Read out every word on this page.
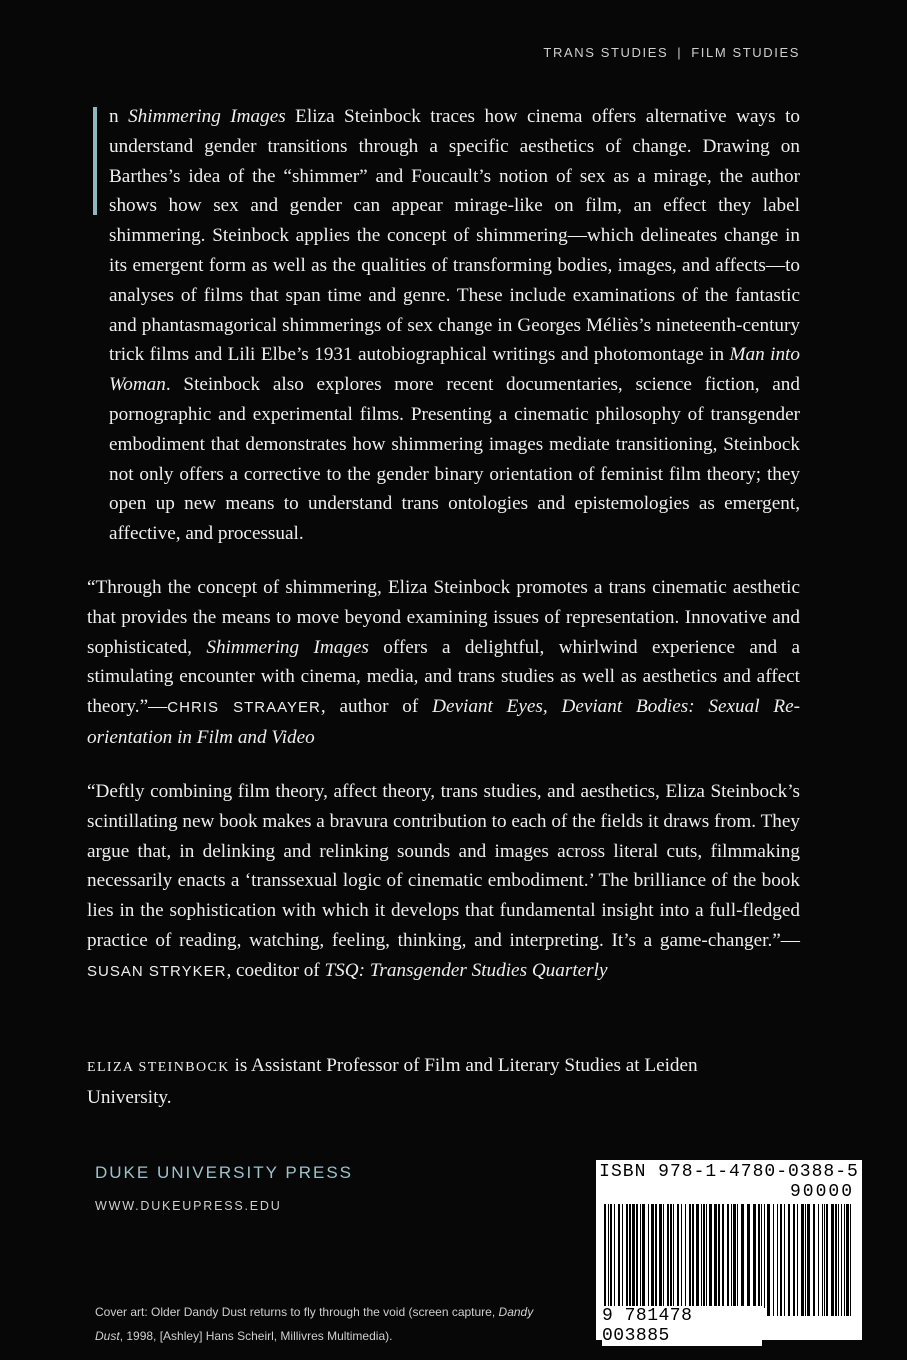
TRANS STUDIES | FILM STUDIES
n Shimmering Images Eliza Steinbock traces how cinema offers alternative ways to understand gender transitions through a specific aesthetics of change. Drawing on Barthes’s idea of the “shimmer” and Foucault’s notion of sex as a mirage, the author shows how sex and gender can appear mirage-like on film, an effect they label shimmering. Steinbock applies the concept of shimmering—which delineates change in its emergent form as well as the qualities of transforming bodies, images, and affects—to analyses of films that span time and genre. These include examinations of the fantastic and phantasmagorical shimmerings of sex change in Georges Méliès’s nineteenth-century trick films and Lili Elbe’s 1931 autobiographical writings and photomontage in Man into Woman. Steinbock also explores more recent documentaries, science fiction, and pornographic and experimental films. Presenting a cinematic philosophy of transgender embodiment that demonstrates how shimmering images mediate transitioning, Steinbock not only offers a corrective to the gender binary orientation of feminist film theory; they open up new means to understand trans ontologies and epistemologies as emergent, affective, and processual.
“Through the concept of shimmering, Eliza Steinbock promotes a trans cinematic aesthetic that provides the means to move beyond examining issues of representation. Innovative and sophisticated, Shimmering Images offers a delightful, whirlwind experience and a stimulating encounter with cinema, media, and trans studies as well as aesthetics and affect theory.”—CHRIS STRAAYER, author of Deviant Eyes, Deviant Bodies: Sexual Re-orientation in Film and Video
“Deftly combining film theory, affect theory, trans studies, and aesthetics, Eliza Steinbock’s scintillating new book makes a bravura contribution to each of the fields it draws from. They argue that, in delinking and relinking sounds and images across literal cuts, filmmaking necessarily enacts a ‘transsexual logic of cinematic embodiment.’ The brilliance of the book lies in the sophistication with which it develops that fundamental insight into a full-fledged practice of reading, watching, feeling, thinking, and interpreting. It’s a game-changer.”—SUSAN STRYKER, coeditor of TSQ: Transgender Studies Quarterly
ELIZA STEINBOCK is Assistant Professor of Film and Literary Studies at Leiden University.
DUKE UNIVERSITY PRESS
WWW.DUKEUPRESS.EDU
Cover art: Older Dandy Dust returns to fly through the void (screen capture, Dandy Dust, 1998, [Ashley] Hans Scheirl, Millivres Multimedia).
ISBN 978-1-4780-0388-5
90000
9 781478 003885
